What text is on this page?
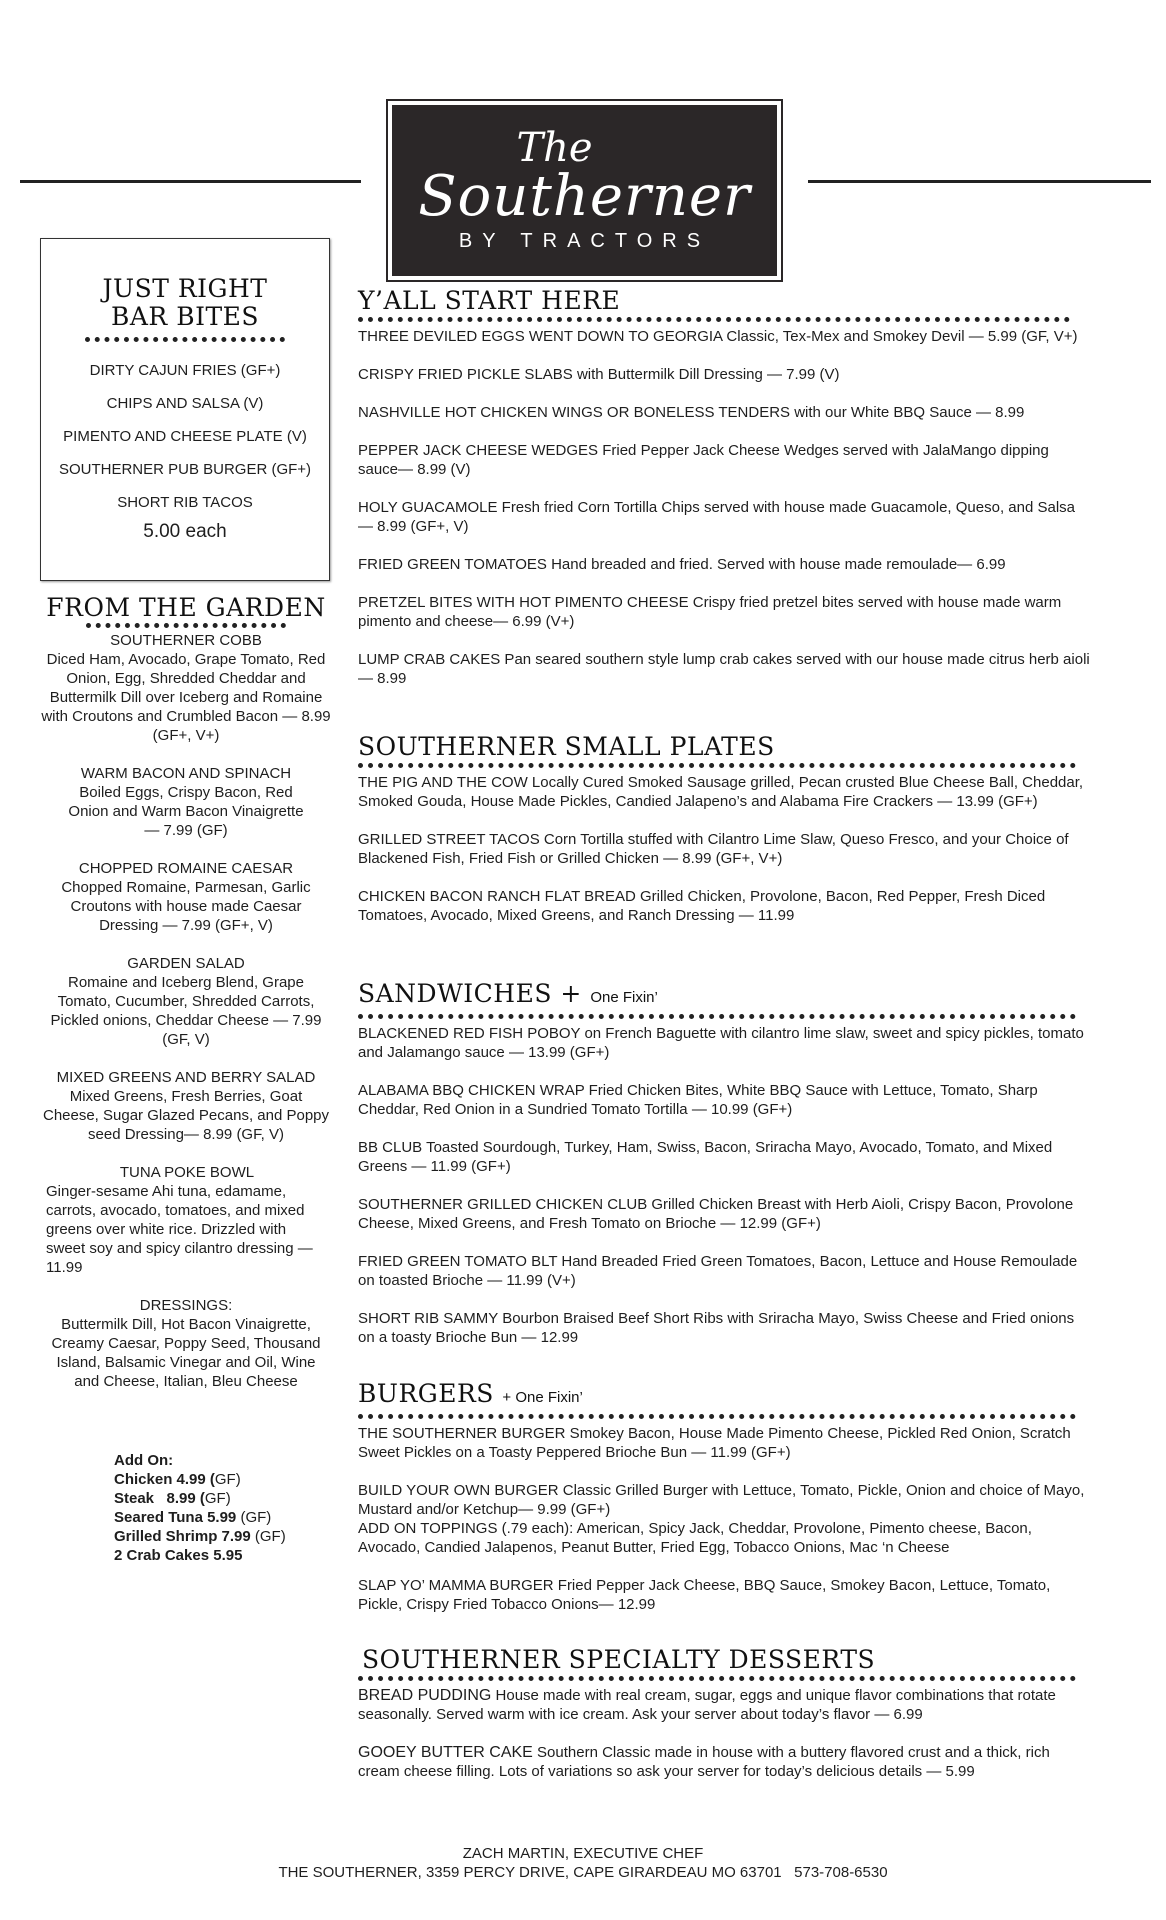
The
Southerner
BY TRACTORS
JUST RIGHT
BAR BITES
DIRTY CAJUN FRIES (GF+)
CHIPS AND SALSA (V)
PIMENTO AND CHEESE PLATE (V)
SOUTHERNER PUB BURGER (GF+)
SHORT RIB TACOS
5.00 each
FROM THE GARDEN
SOUTHERNER COBB
Diced Ham, Avocado, Grape Tomato, Red Onion, Egg, Shredded Cheddar and Buttermilk Dill over Iceberg and Romaine with Croutons and Crumbled Bacon — 8.99 (GF+, V+)
WARM BACON AND SPINACH
Boiled Eggs, Crispy Bacon, Red Onion and Warm Bacon Vinaigrette — 7.99 (GF)
CHOPPED ROMAINE CAESAR
Chopped Romaine, Parmesan, Garlic Croutons with house made Caesar Dressing — 7.99 (GF+, V)
GARDEN SALAD
Romaine and Iceberg Blend, Grape Tomato, Cucumber, Shredded Carrots, Pickled onions, Cheddar Cheese — 7.99 (GF, V)
MIXED GREENS AND BERRY SALAD
Mixed Greens, Fresh Berries, Goat Cheese, Sugar Glazed Pecans, and Poppy seed Dressing— 8.99 (GF, V)
TUNA POKE BOWL
Ginger-sesame Ahi tuna, edamame, carrots, avocado, tomatoes, and mixed greens over white rice. Drizzled with sweet soy and spicy cilantro dressing — 11.99
DRESSINGS:
Buttermilk Dill, Hot Bacon Vinaigrette, Creamy Caesar, Poppy Seed, Thousand Island, Balsamic Vinegar and Oil, Wine and Cheese, Italian, Bleu Cheese
Add On:
Chicken 4.99 (GF)
Steak   8.99 (GF)
Seared Tuna 5.99 (GF)
Grilled Shrimp 7.99 (GF)
2 Crab Cakes 5.95
Y’ALL START HERE
THREE DEVILED EGGS WENT DOWN TO GEORGIA Classic, Tex-Mex and Smokey Devil — 5.99 (GF, V+)
CRISPY FRIED PICKLE SLABS with Buttermilk Dill Dressing — 7.99 (V)
NASHVILLE HOT CHICKEN WINGS OR BONELESS TENDERS with our White BBQ Sauce — 8.99
PEPPER JACK CHEESE WEDGES Fried Pepper Jack Cheese Wedges served with JalaMango dipping sauce— 8.99 (V)
HOLY GUACAMOLE Fresh fried Corn Tortilla Chips served with house made Guacamole, Queso, and Salsa — 8.99 (GF+, V)
FRIED GREEN TOMATOES Hand breaded and fried. Served with house made remoulade— 6.99
PRETZEL BITES WITH HOT PIMENTO CHEESE Crispy fried pretzel bites served with house made warm pimento and cheese— 6.99 (V+)
LUMP CRAB CAKES Pan seared southern style lump crab cakes served with our house made citrus herb aioli— 8.99
SOUTHERNER SMALL PLATES
THE PIG AND THE COW Locally Cured Smoked Sausage grilled, Pecan crusted Blue Cheese Ball, Cheddar, Smoked Gouda, House Made Pickles, Candied Jalapeno’s and Alabama Fire Crackers — 13.99 (GF+)
GRILLED STREET TACOS Corn Tortilla stuffed with Cilantro Lime Slaw, Queso Fresco, and your Choice of Blackened Fish, Fried Fish or Grilled Chicken — 8.99 (GF+, V+)
CHICKEN BACON RANCH FLAT BREAD Grilled Chicken, Provolone, Bacon, Red Pepper, Fresh Diced Tomatoes, Avocado, Mixed Greens, and Ranch Dressing — 11.99
SANDWICHES + One Fixin’
BLACKENED RED FISH POBOY on French Baguette with cilantro lime slaw, sweet and spicy pickles, tomato and Jalamango sauce — 13.99 (GF+)
ALABAMA BBQ CHICKEN WRAP Fried Chicken Bites, White BBQ Sauce with Lettuce, Tomato, Sharp Cheddar, Red Onion in a Sundried Tomato Tortilla — 10.99 (GF+)
BB CLUB Toasted Sourdough, Turkey, Ham, Swiss, Bacon, Sriracha Mayo, Avocado, Tomato, and Mixed Greens — 11.99 (GF+)
SOUTHERNER GRILLED CHICKEN CLUB Grilled Chicken Breast with Herb Aioli, Crispy Bacon, Provolone Cheese, Mixed Greens, and Fresh Tomato on Brioche — 12.99 (GF+)
FRIED GREEN TOMATO BLT Hand Breaded Fried Green Tomatoes, Bacon, Lettuce and House Remoulade on toasted Brioche — 11.99 (V+)
SHORT RIB SAMMY Bourbon Braised Beef Short Ribs with Sriracha Mayo, Swiss Cheese and Fried onions on a toasty Brioche Bun — 12.99
BURGERS + One Fixin’
THE SOUTHERNER BURGER Smokey Bacon, House Made Pimento Cheese, Pickled Red Onion, Scratch Sweet Pickles on a Toasty Peppered Brioche Bun — 11.99 (GF+)
BUILD YOUR OWN BURGER Classic Grilled Burger with Lettuce, Tomato, Pickle, Onion and choice of Mayo, Mustard and/or Ketchup— 9.99 (GF+)
ADD ON TOPPINGS (.79 each): American, Spicy Jack, Cheddar, Provolone, Pimento cheese, Bacon, Avocado, Candied Jalapenos, Peanut Butter, Fried Egg, Tobacco Onions, Mac ‘n Cheese
SLAP YO’ MAMMA BURGER Fried Pepper Jack Cheese, BBQ Sauce, Smokey Bacon, Lettuce, Tomato, Pickle, Crispy Fried Tobacco Onions— 12.99
SOUTHERNER SPECIALTY DESSERTS
BREAD PUDDING House made with real cream, sugar, eggs and unique flavor combinations that rotate seasonally. Served warm with ice cream. Ask your server about today’s flavor — 6.99
GOOEY BUTTER CAKE Southern Classic made in house with a buttery flavored crust and a thick, rich cream cheese filling. Lots of variations so ask your server for today’s delicious details — 5.99
ZACH MARTIN, EXECUTIVE CHEF
THE SOUTHERNER, 3359 PERCY DRIVE, CAPE GIRARDEAU MO 63701   573-708-6530
